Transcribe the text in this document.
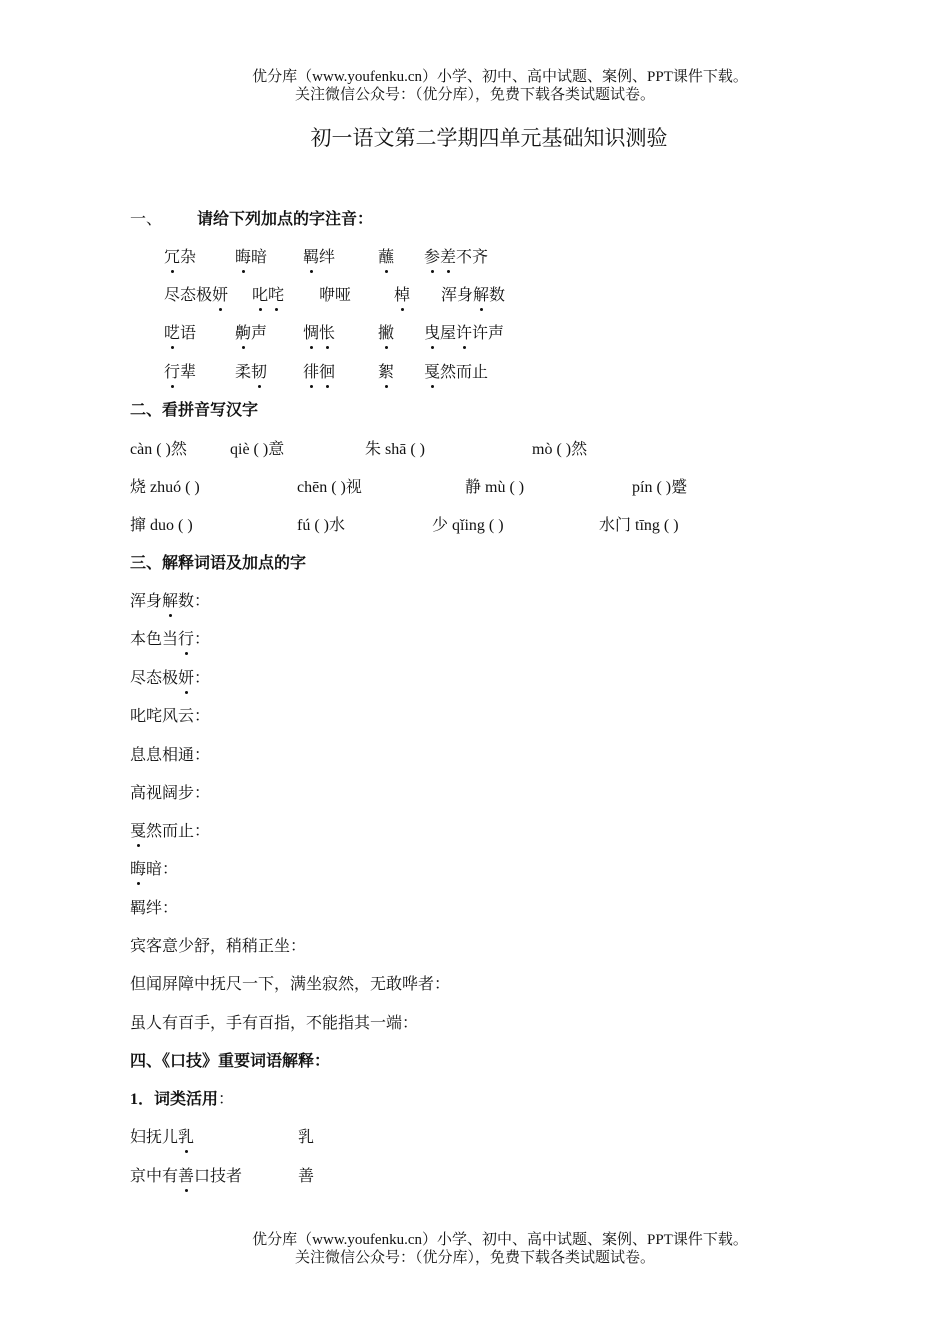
优分库（www.youfenku.cn）小学、初中、高中试题、案例、PPT课件下载。
关注微信公众号：（优分库），免费下载各类试题试卷。
初一语文第二学期四单元基础知识测验
一、 请给下列加点的字注音：
冗杂 晦暗 羁绊	蘸 参差不齐
尽态极妍 叱咤 咿哑	棹 浑身解数
呓语 齁声 惆怅	撇 曳屋许许声
行辈 柔韧 徘徊	絮 戛然而止
二、看拼音写汉字
càn ( )然	qiè ( )意	朱 shā ( )	mò ( )然
烧 zhuó ( )	chēn ( )视	静 mù ( )	pín ( )蹙
撺 duo ( )	fú ( )水	少 qǐing ( )	水门 tīng ( )
三、解释词语及加点的字
浑身解数：
本色当行：
尽态极妍：
叱咤风云：
息息相通：
高视阔步：
戛然而止：
晦暗：
羁绊：
宾客意少舒，稍稍正坐：
但闻屏障中抚尺一下，满坐寂然，无敢哗者：
虽人有百手，手有百指，不能指其一端：
四、《口技》重要词语解释：
1．词类活用：
妇抚儿乳	乳
京中有善口技者	善
优分库（www.youfenku.cn）小学、初中、高中试题、案例、PPT课件下载。
关注微信公众号：（优分库），免费下载各类试题试卷。
